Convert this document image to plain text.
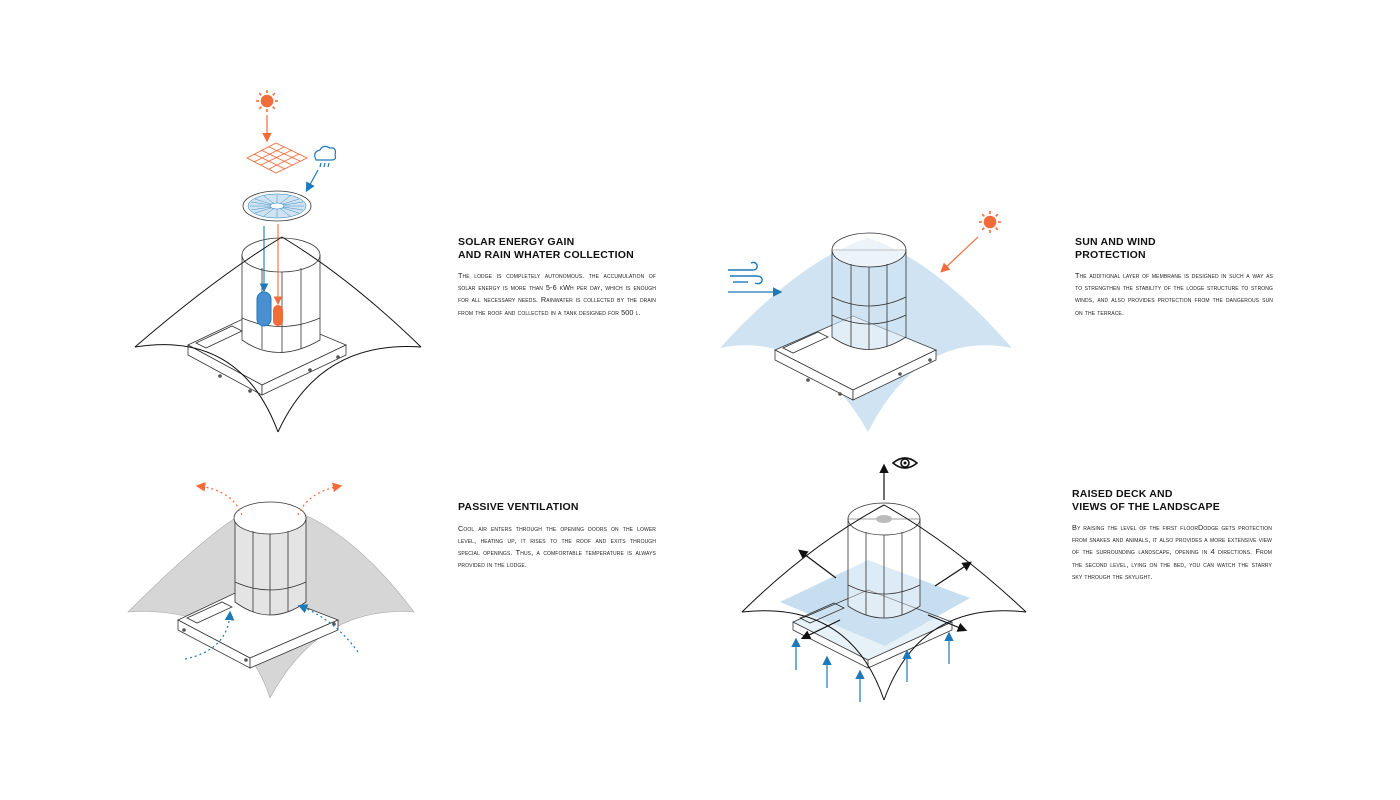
SOLAR ENERGY GAIN
AND RAIN WHATER COLLECTION

The lodge is completely autonomous. the accumulation of solar energy is more than 5-6 kWh per day, which is enough for all necessary needs. Rainwater is collected by the drain from the roof and collected in a tank designed for 500 l.

SUN AND WIND
PROTECTION

The additional layer of membrane is designed in such a way as to strengthen the stability of the lodge structure to strong winds, and also provides protection from the dangerous sun on the terrace.

PASSIVE VENTILATION

Cool air enters through the opening doors on the lower level, heating up, it rises to the roof and exits through special openings. Thus, a comfortable temperature is always provided in the lodge.

RAISED DECK AND
VIEWS OF THE LANDSCAPE

By raising the level of the first floorDodge gets protection from snakes and animals, it also provides a more extensive view of the surrounding landscape, opening in 4 directions. From the second level, lying on the bed, you can watch the starry sky through the skylight.
